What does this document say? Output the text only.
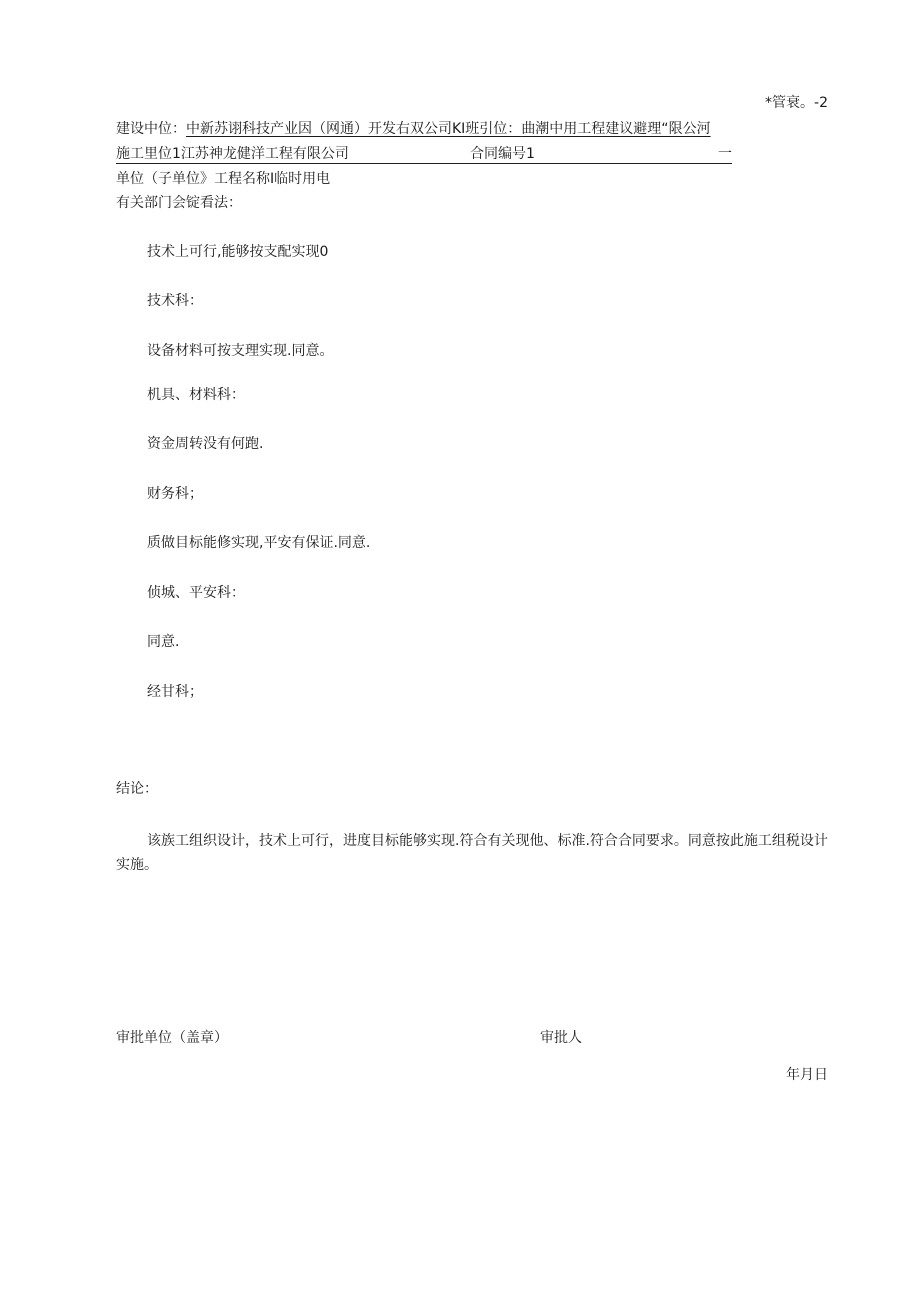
*管衰。-2
建设中位：中新苏诩科技产业因（网通）开发右双公司KI班引位：曲潮中用工程建议避理“限公河
施工里位1江苏神龙健洋工程有限公司	合同编号1	一
单位（子单位》工程名称I临时用电
有关部门会锭看法：
技术上可行,能够按支配实现0
技术科：
设备材料可按支理实现.同意。
机具、材料科：
资金周转没有何跑.
财务科；
质做目标能修实现,平安有保证.同意.
侦城、平安科：
同意.
经甘科；
结论：
该族工组织设计，技术上可行，进度目标能够实现.符合有关现他、标准.符合合同要求。同意按此施工组税设计实施。
审批单位（盖章）	审批人
年月日
